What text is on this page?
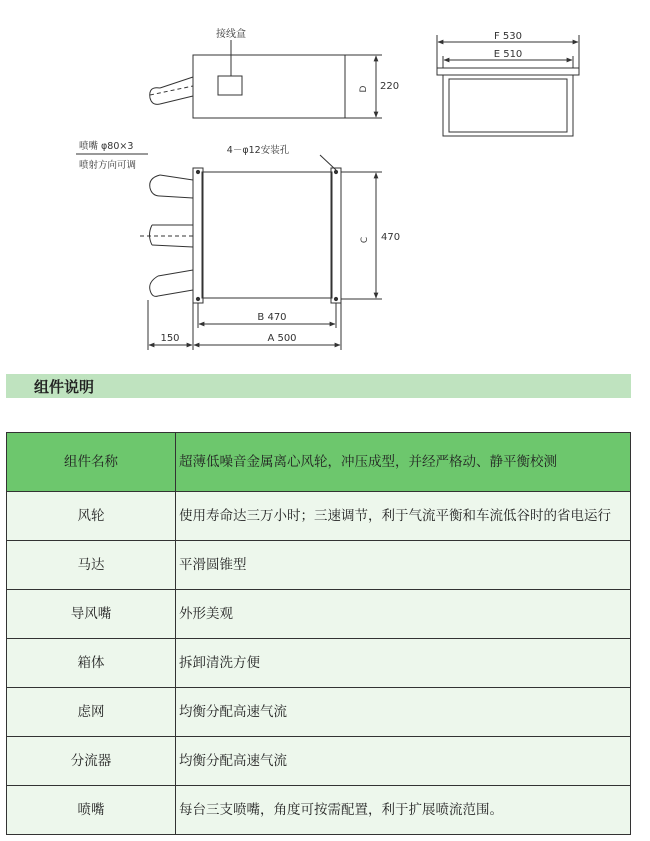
接线盒
D 220
F 530
E 510
喷嘴 φ80×3
喷射方向可调
4－φ12安装孔
C 470
B 470
150	A 500
组件说明
组件名称	超薄低噪音金属离心风轮，冲压成型，并经严格动、静平衡校测
风轮	使用寿命达三万小时；三速调节，利于气流平衡和车流低谷时的省电运行
马达	平滑圆锥型
导风嘴	外形美观
箱体	拆卸清洗方便
虑网	均衡分配高速气流
分流器	均衡分配高速气流
喷嘴	每台三支喷嘴，角度可按需配置，利于扩展喷流范围。
